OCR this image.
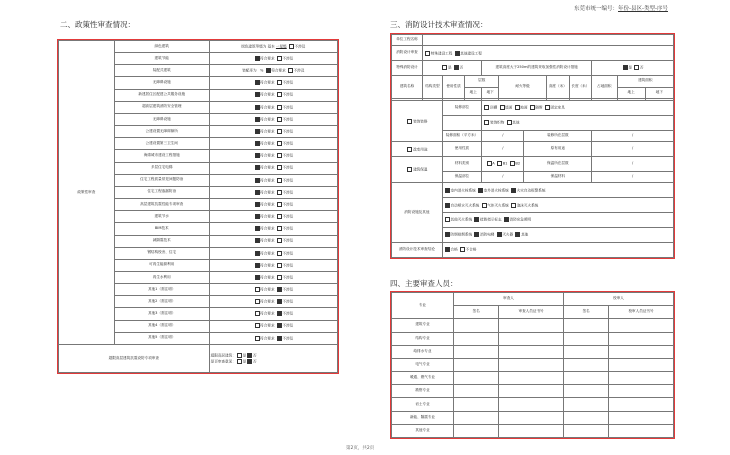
二、政策性审查情况：	三、消防设计技术审查情况：
东莞市统一编号：年份-县区-类型-序号
政策性审查	绿色建筑	绿色建筑等级为 基本 一星级 不涉及
	建筑节能	符合要求 不涉及
	装配式建筑	装配率为 % 符合要求 不涉及
	无障碍设施	符合要求 不涉及
	新建居住区配建公共服务设施	符合要求 不涉及
	超高层建筑消防安全管理	符合要求 不涉及
	无障碍设施	符合要求 不涉及
	公建设置无障碍厕所	符合要求 不涉及
	公建设置第三卫生间	符合要求 不涉及
	海绵城市建设工程措施	符合要求 不涉及
	多层住宅电梯	符合要求 不涉及
	住宅工程质量常见问题防治	符合要求 不涉及
	住宅工程渗漏防治	符合要求 不涉及
	高层建筑抗震性能专项审查	符合要求 不涉及
	建筑节水	符合要求 不涉及
	BIM技术	符合要求 不涉及
	减隔震技术	符合要求 不涉及
	钢结构校舍、住宅	符合要求 不涉及
	可再生能源利用	符合要求 不涉及
	再生水利用	符合要求 不涉及
	其他1（需注明）	符合要求 不涉及
	其他2（需注明）	符合要求 不涉及
	其他3（需注明）	符合要求 不涉及
	其他4（需注明）	符合要求 不涉及
	其他5（需注明）	符合要求 不涉及
超限高层建筑抗震设防专项审查		超限高层建筑： 是 否
是否审查意见： 是 否
单位工程名称											
消防设计审查	特殊建设工程 其他建设工程										
特殊消防设计	是 否			建筑高度大于250m的建筑采取加强性消防设计措施					是 否		
建筑名称	结构类型	使用性质	层数		耐火等级		高度（米）	长度（米）	占地面积	建筑面积	
			地上	地下						地上	地下

装饰装修		装修部位		顶棚 墙面 地面 隔断 固定家具							
				装饰织物 其他							
		装修面积（平方米）		/		装修所在层数			/		
改变用途		使用性质		/		原有用途			/		
建筑保温		材料类别		A B1 B2		保温所在层数			/		
		保温部位		/		保温材料			/		
消防设施及其他		室内消火栓系统 室外消火栓系统 火灾自动报警系统									
		自动喷水灭火系统 气体灭火系统 泡沫灭火系统									
		其他灭火系统 疏散指示标志 消防应急照明									
		防烟排烟系统 消防电梯 灭火器 其他									
消防设计技术审查结论		合格 不合格									
四、主要审查人员：
专业	审查人		校审人	
	签名	审查人员证书号	签名	校审人员证书号
建筑专业				
结构专业				
给排水专业				
电气专业				
暖通、燃气专业				
勘察专业				
岩土专业				
新能、隔震专业				
其他专业				
第2页，共2页
